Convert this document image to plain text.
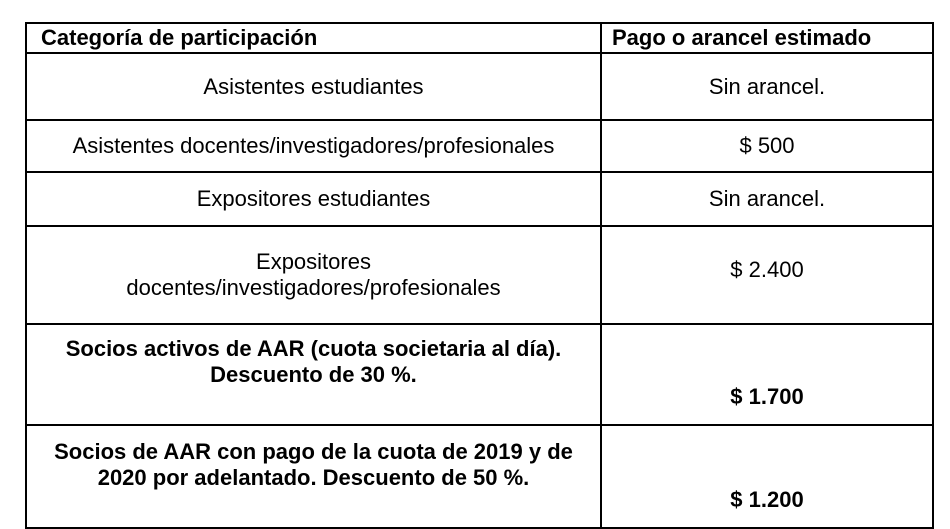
Categoría de participación	Pago o arancel estimado
Asistentes estudiantes	Sin arancel.
Asistentes docentes/investigadores/profesionales	$ 500
Expositores estudiantes	Sin arancel.
Expositores docentes/investigadores/profesionales	$ 2.400
Socios activos de AAR (cuota societaria al día). Descuento de 30 %.	$ 1.700
Socios de AAR con pago de la cuota de 2019 y de 2020 por adelantado. Descuento de 50 %.	$ 1.200
